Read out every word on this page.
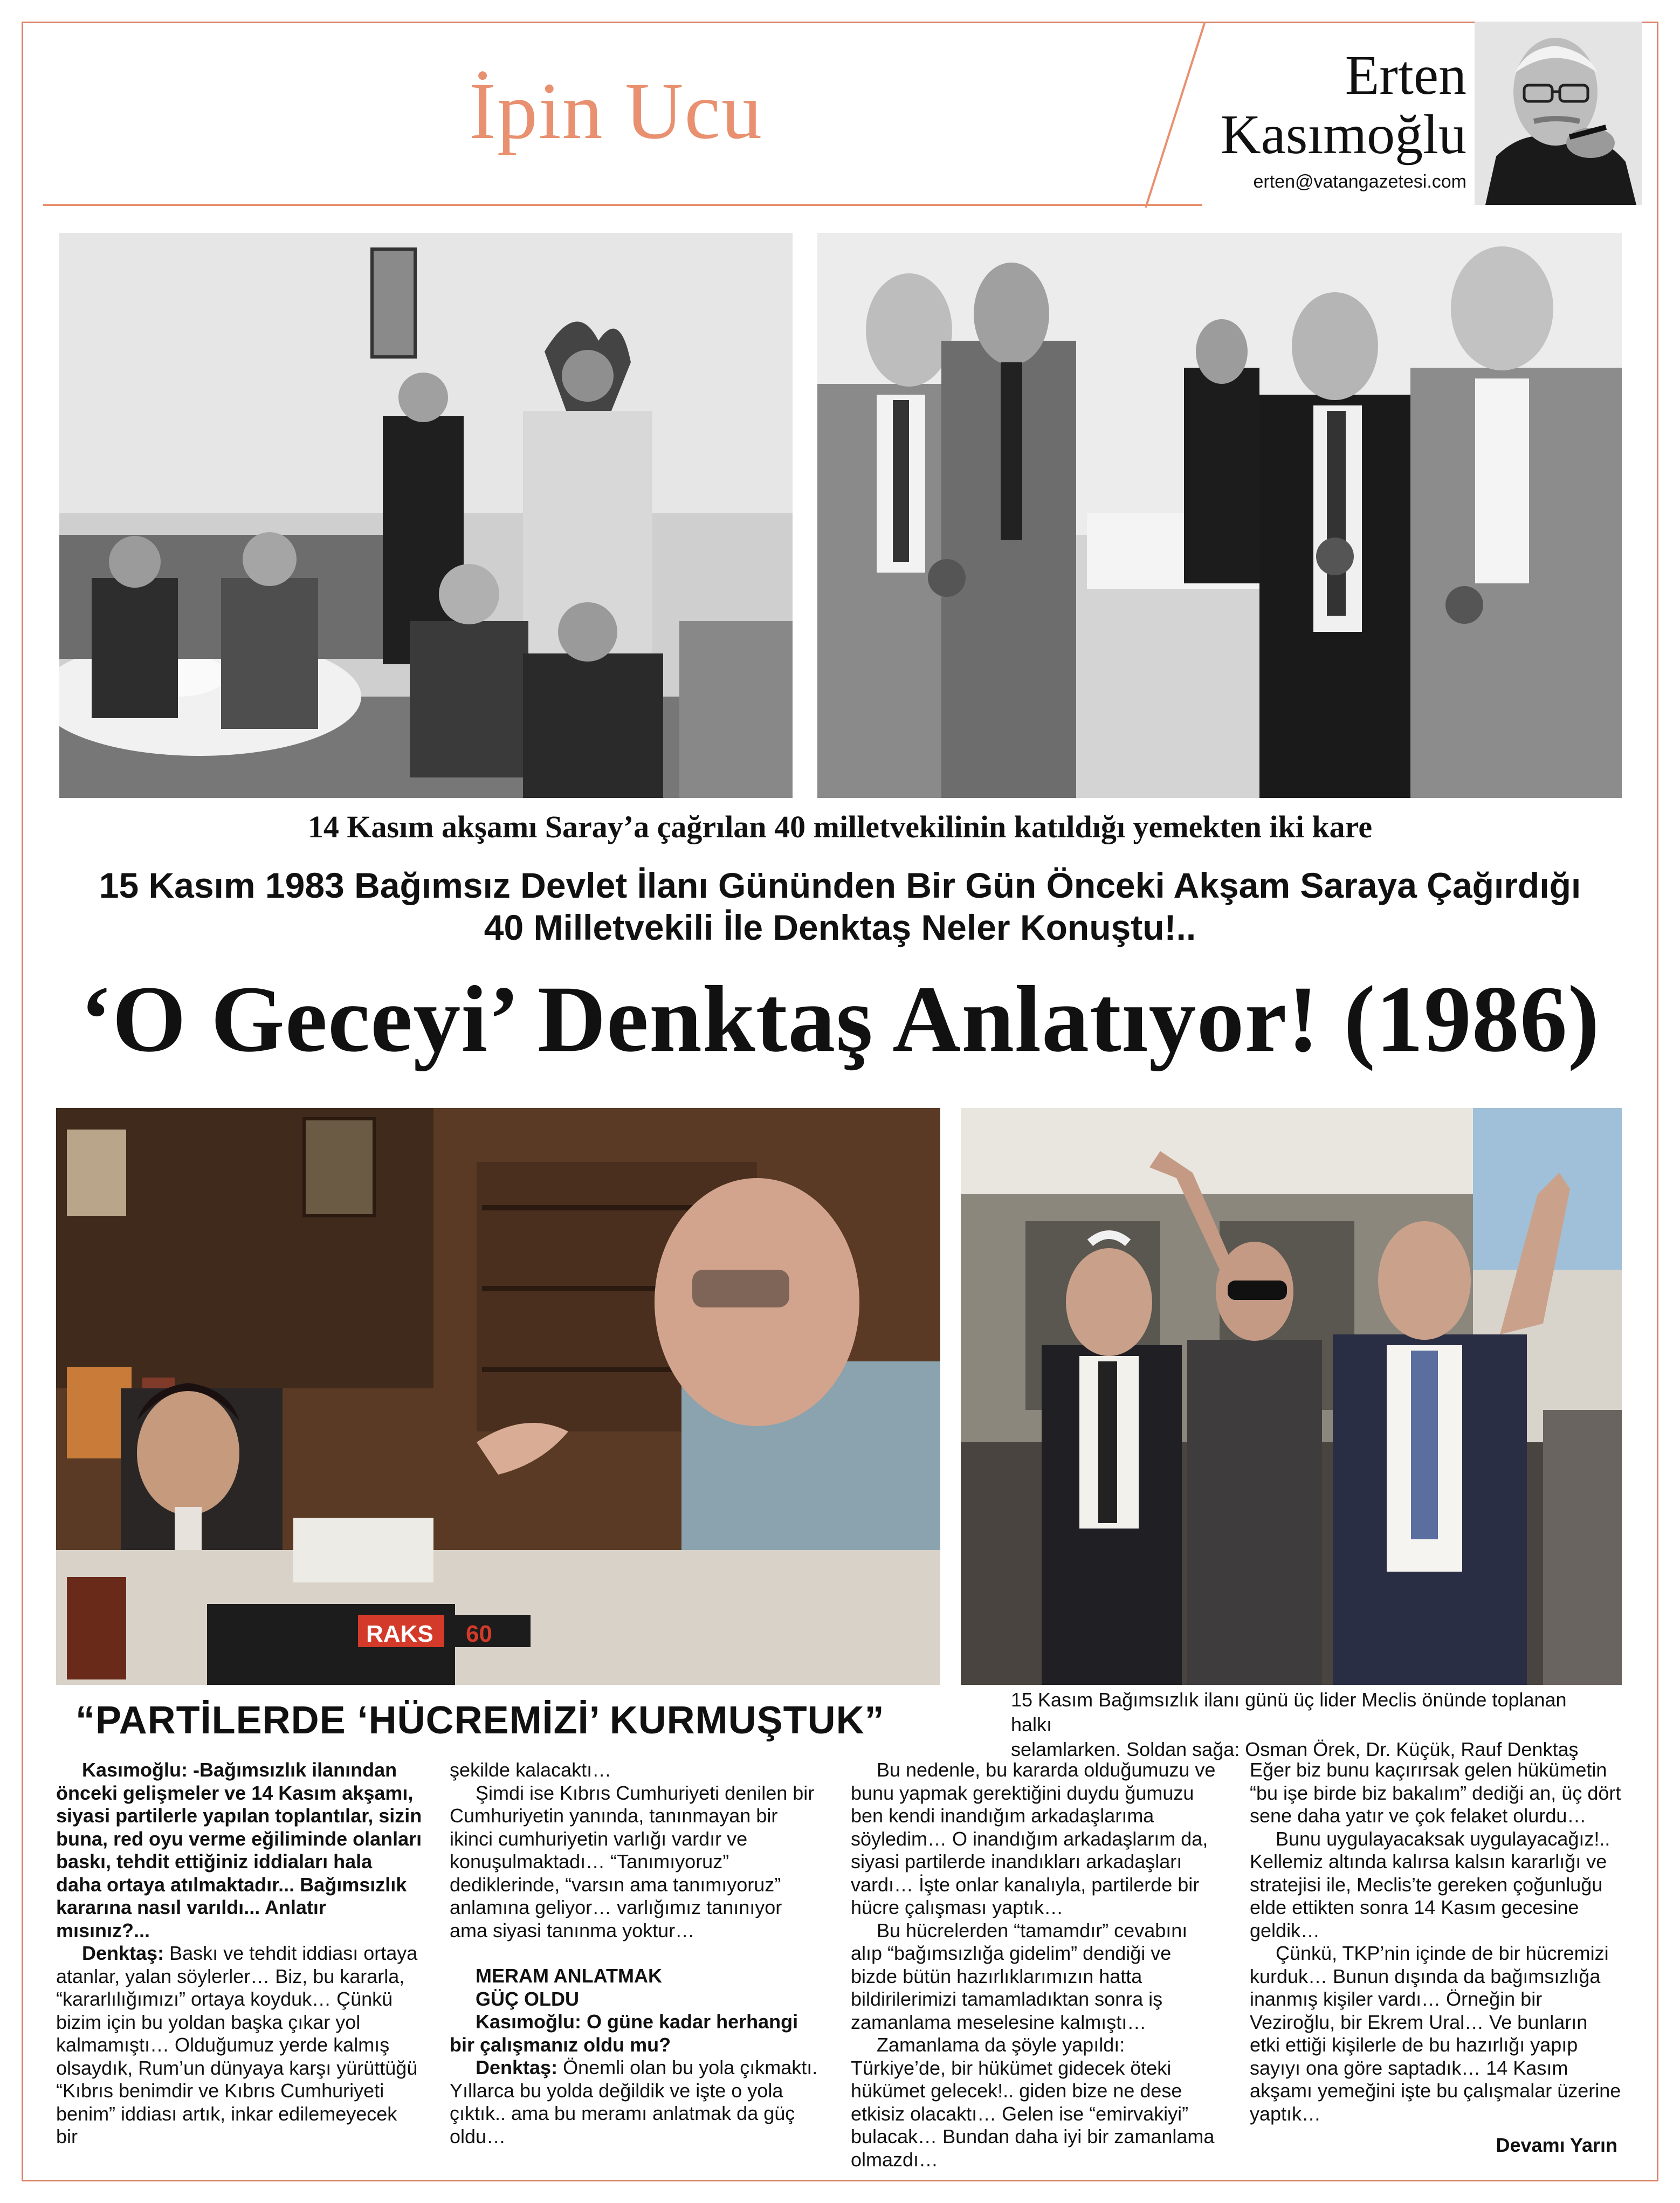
İpin Ucu	Erten
Kasımoğlu
erten@vatangazetesi.com
14 Kasım akşamı Saray’a çağrılan 40 milletvekilinin katıldığı yemekten iki kare
15 Kasım 1983 Bağımsız Devlet İlanı Gününden Bir Gün Önceki Akşam Saraya Çağırdığı
40 Milletvekili İle Denktaş Neler Konuştu!..
‘O Geceyi’ Denktaş Anlatıyor! (1986)
RAKS 60
15 Kasım Bağımsızlık ilanı günü üç lider Meclis önünde toplanan halkı
selamlarken. Soldan sağa: Osman Örek, Dr. Küçük, Rauf Denktaş
“PARTİLERDE ‘HÜCREMİZİ’ KURMUŞTUK”

Kasımoğlu: -Bağımsızlık ilanından önceki gelişmeler ve 14 Kasım akşamı, siyasi partilerle yapılan toplantılar, sizin buna, red oyu verme eğiliminde olanları baskı, tehdit ettiğiniz iddiaları hala daha ortaya atılmaktadır... Bağımsızlık kararına nasıl varıldı... Anlatır mısınız?...

Denktaş: Baskı ve tehdit iddiası ortaya atanlar, yalan söylerler… Biz, bu kararla, “kararlılığımızı” ortaya koyduk… Çünkü bizim için bu yoldan başka çıkar yol kalmamıştı… Olduğumuz yerde kalmış olsaydık, Rum’un dünyaya karşı yürüttüğü “Kıbrıs benimdir ve Kıbrıs Cumhuriyeti benim” iddiası artık, inkar edilemeyecek bir

şekilde kalacaktı…

Şimdi ise Kıbrıs Cumhuriyeti denilen bir Cumhuriyetin yanında, tanınmayan bir ikinci cumhuriyetin varlığı vardır ve konuşulmaktadı… “Tanımıyoruz” dediklerinde, “varsın ama tanımıyoruz” anlamına geliyor… varlığımız tanınıyor ama siyasi tanınma yoktur…

MERAM ANLATMAK

GÜÇ OLDU

Kasımoğlu: O güne kadar herhangi bir çalışmanız oldu mu?

Denktaş: Önemli olan bu yola çıkmaktı. Yıllarca bu yolda değildik ve işte o yola çıktık.. ama bu meramı anlatmak da güç oldu…

Bu nedenle, bu kararda olduğumuzu ve bunu yapmak gerektiğini duydu ğumuzu ben kendi inandığım arkadaşlarıma söyledim… O inandığım arkadaşlarım da, siyasi partilerde inandıkları arkadaşları vardı… İşte onlar kanalıyla, partilerde bir hücre çalışması yaptık…

Bu hücrelerden “tamamdır” cevabını alıp “bağımsızlığa gidelim” dendiği ve bizde bütün hazırlıklarımızın hatta bildirilerimizi tamamladıktan sonra iş zamanlama meselesine kalmıştı…

Zamanlama da şöyle yapıldı: Türkiye’de, bir hükümet gidecek öteki hükümet gelecek!.. giden bize ne dese etkisiz olacaktı… Gelen ise “emirvakiyi” bulacak… Bundan daha iyi bir zamanlama olmazdı…

Eğer biz bunu kaçırırsak gelen hükümetin “bu işe birde biz bakalım” dediği an, üç dört sene daha yatır ve çok felaket olurdu…

Bunu uygulayacaksak uygulayacağız!.. Kellemiz altında kalırsa kalsın kararlığı ve stratejisi ile, Meclis’te gereken çoğunluğu elde ettikten sonra 14 Kasım gecesine geldik…

Çünkü, TKP’nin içinde de bir hücremizi kurduk… Bunun dışında da bağımsızlığa inanmış kişiler vardı… Örneğin bir Veziroğlu, bir Ekrem Ural… Ve bunların etki ettiği kişilerle de bu hazırlığı yapıp sayıyı ona göre saptadık… 14 Kasım akşamı yemeğini işte bu çalışmalar üzerine yaptık…

Devamı Yarın
